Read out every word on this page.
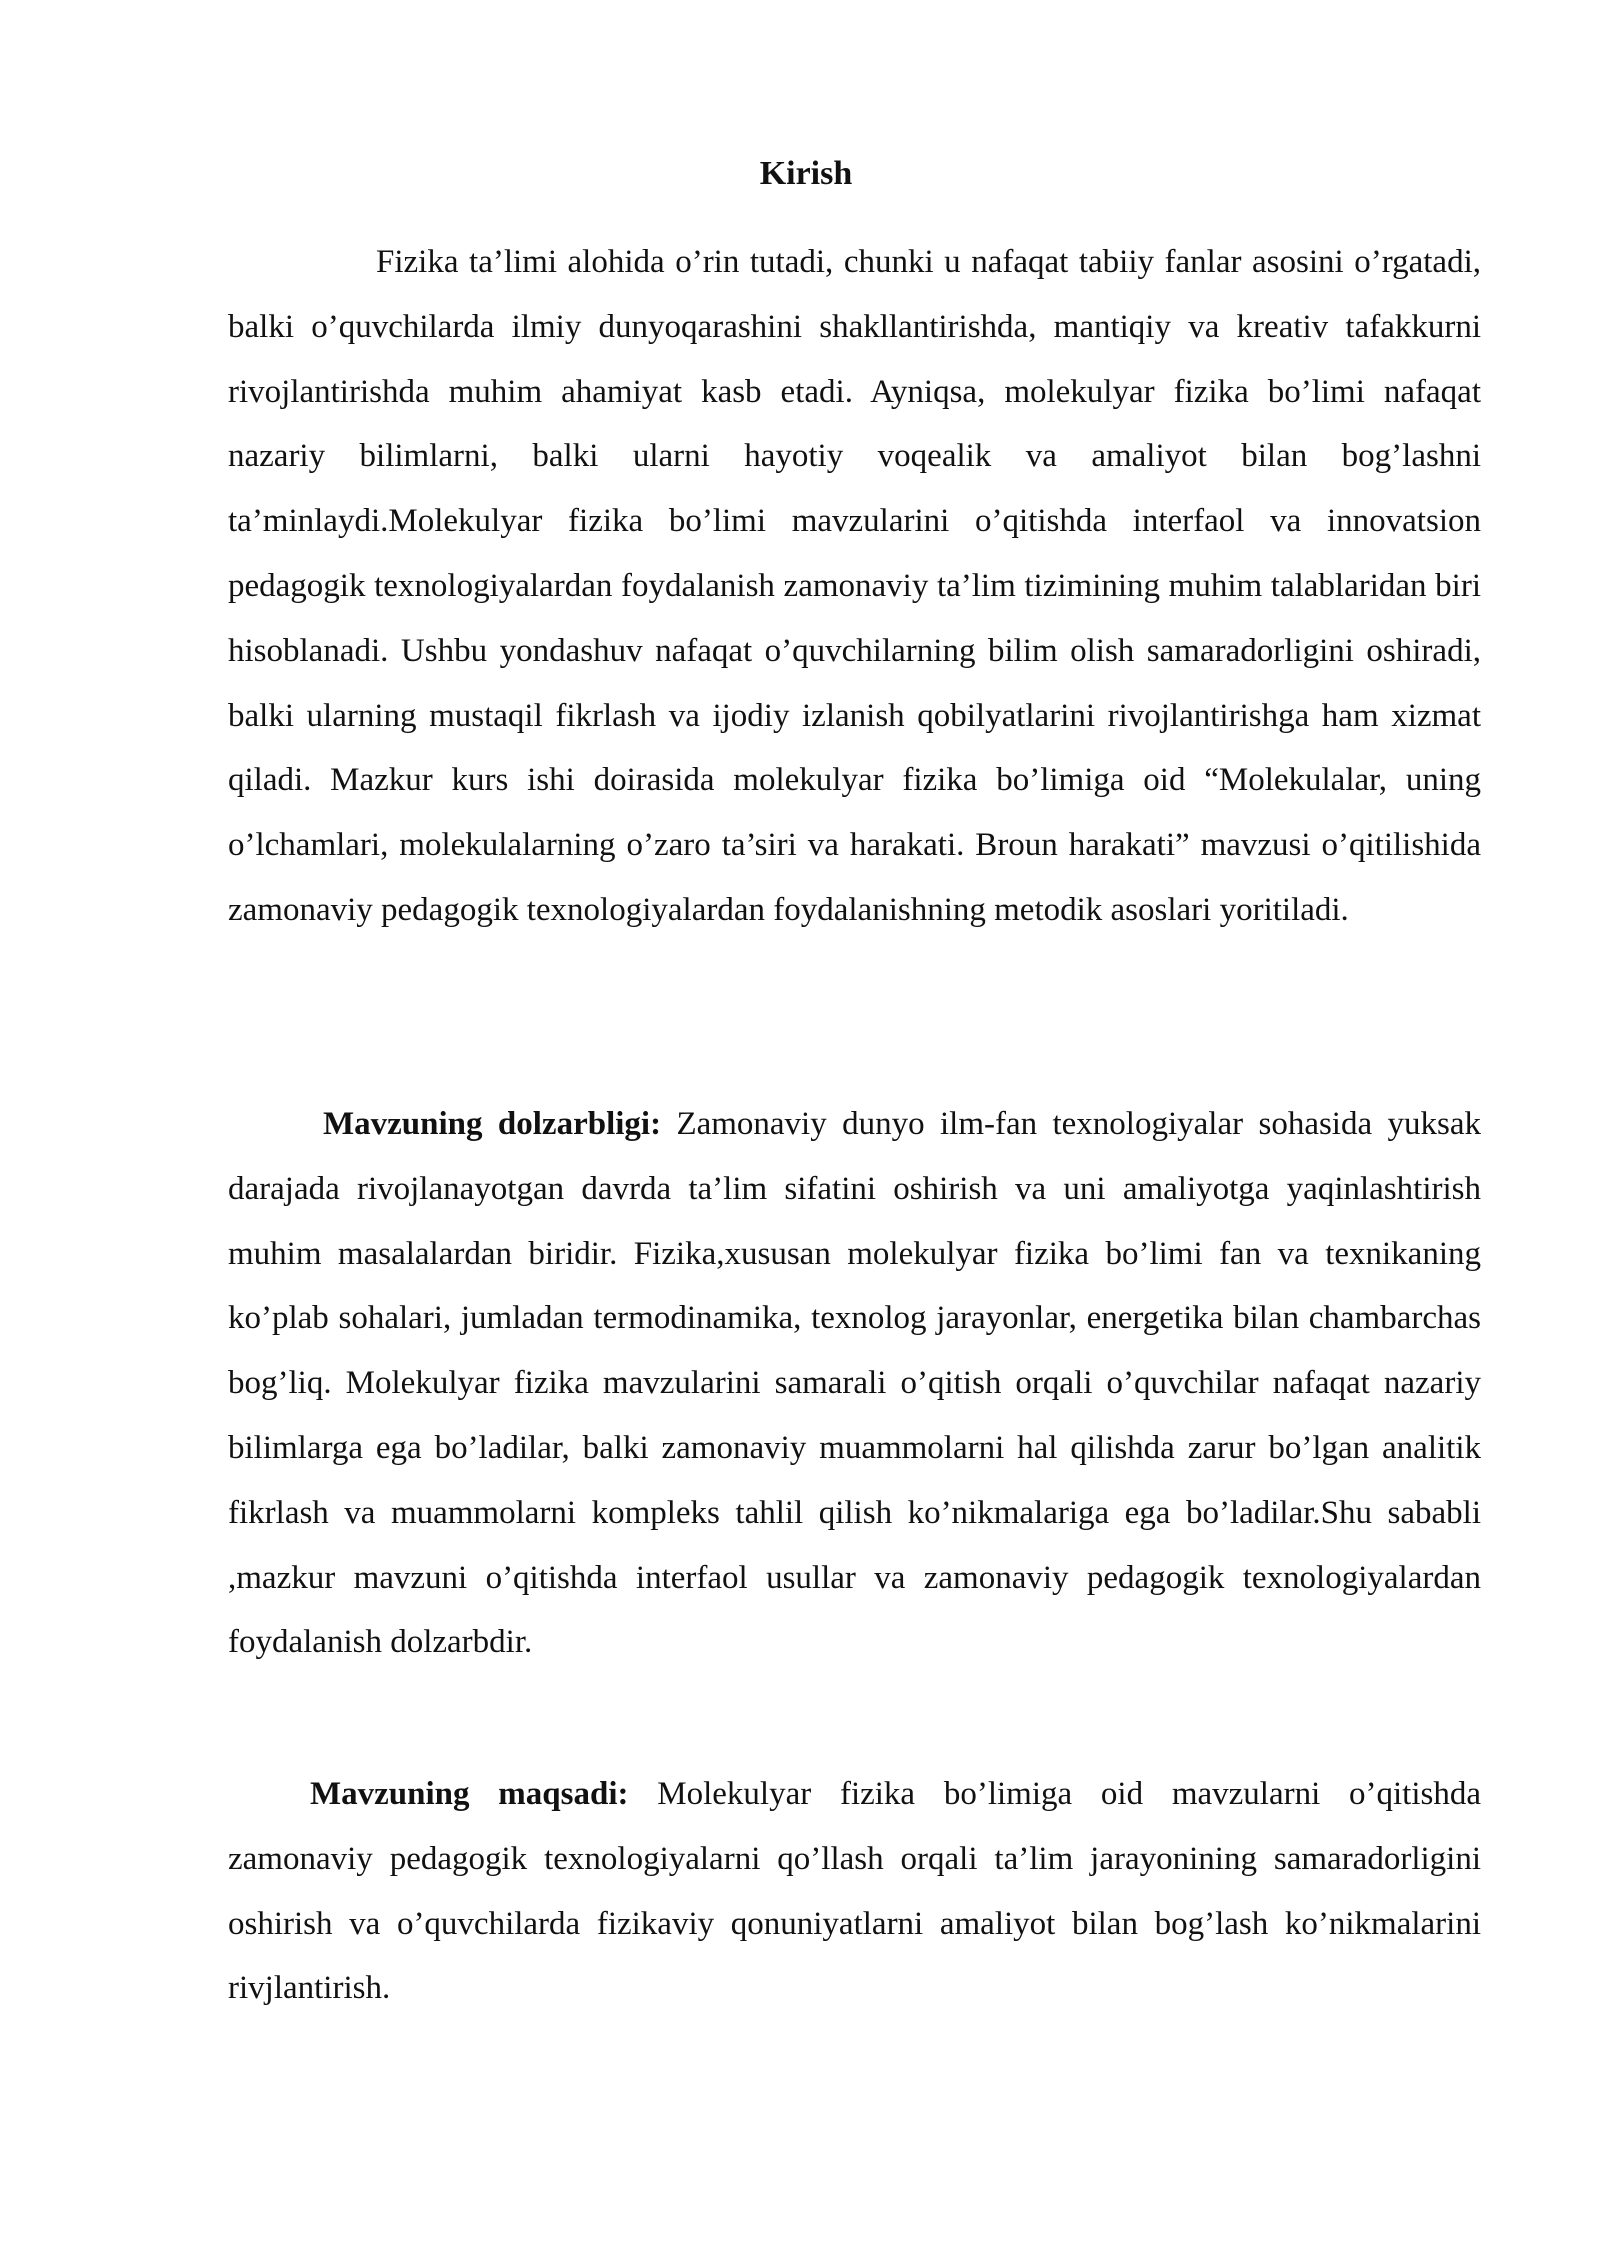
Kirish

Fizika ta’limi alohida o’rin tutadi, chunki u nafaqat tabiiy fanlar asosini o’rgatadi, balki o’quvchilarda ilmiy dunyoqarashini shakllantirishda, mantiqiy va kreativ tafakkurni rivojlantirishda muhim ahamiyat kasb etadi. Ayniqsa, molekulyar fizika bo’limi nafaqat nazariy bilimlarni, balki ularni hayotiy voqealik va amaliyot bilan bog’lashni ta’minlaydi.Molekulyar fizika bo’limi mavzularini o’qitishda interfaol va innovatsion pedagogik texnologiyalardan foydalanish zamonaviy ta’lim tizimining muhim talablaridan biri hisoblanadi. Ushbu yondashuv nafaqat o’quvchilarning bilim olish samaradorligini oshiradi, balki ularning mustaqil fikrlash va ijodiy izlanish qobilyatlarini rivojlantirishga ham xizmat qiladi. Mazkur kurs ishi doirasida molekulyar fizika bo’limiga oid “Molekulalar, uning o’lchamlari, molekulalarning o’zaro ta’siri va harakati. Broun harakati” mavzusi o’qitilishida zamonaviy pedagogik texnologiyalardan foydalanishning metodik asoslari yoritiladi.

Mavzuning dolzarbligi: Zamonaviy dunyo ilm-fan texnologiyalar sohasida yuksak darajada rivojlanayotgan davrda ta’lim sifatini oshirish va uni amaliyotga yaqinlashtirish muhim masalalardan biridir. Fizika,xususan molekulyar fizika bo’limi fan va texnikaning ko’plab sohalari, jumladan termodinamika, texnolog jarayonlar, energetika bilan chambarchas bog’liq. Molekulyar fizika mavzularini samarali o’qitish orqali o’quvchilar nafaqat nazariy bilimlarga ega bo’ladilar, balki zamonaviy muammolarni hal qilishda zarur bo’lgan analitik fikrlash va muammolarni kompleks tahlil qilish ko’nikmalariga ega bo’ladilar.Shu sababli ,mazkur mavzuni o’qitishda interfaol usullar va zamonaviy pedagogik texnologiyalardan foydalanish dolzarbdir.

Mavzuning maqsadi: Molekulyar fizika bo’limiga oid mavzularni o’qitishda zamonaviy pedagogik texnologiyalarni qo’llash orqali ta’lim jarayonining samaradorligini oshirish va o’quvchilarda fizikaviy qonuniyatlarni amaliyot bilan bog’lash ko’nikmalarini rivjlantirish.
